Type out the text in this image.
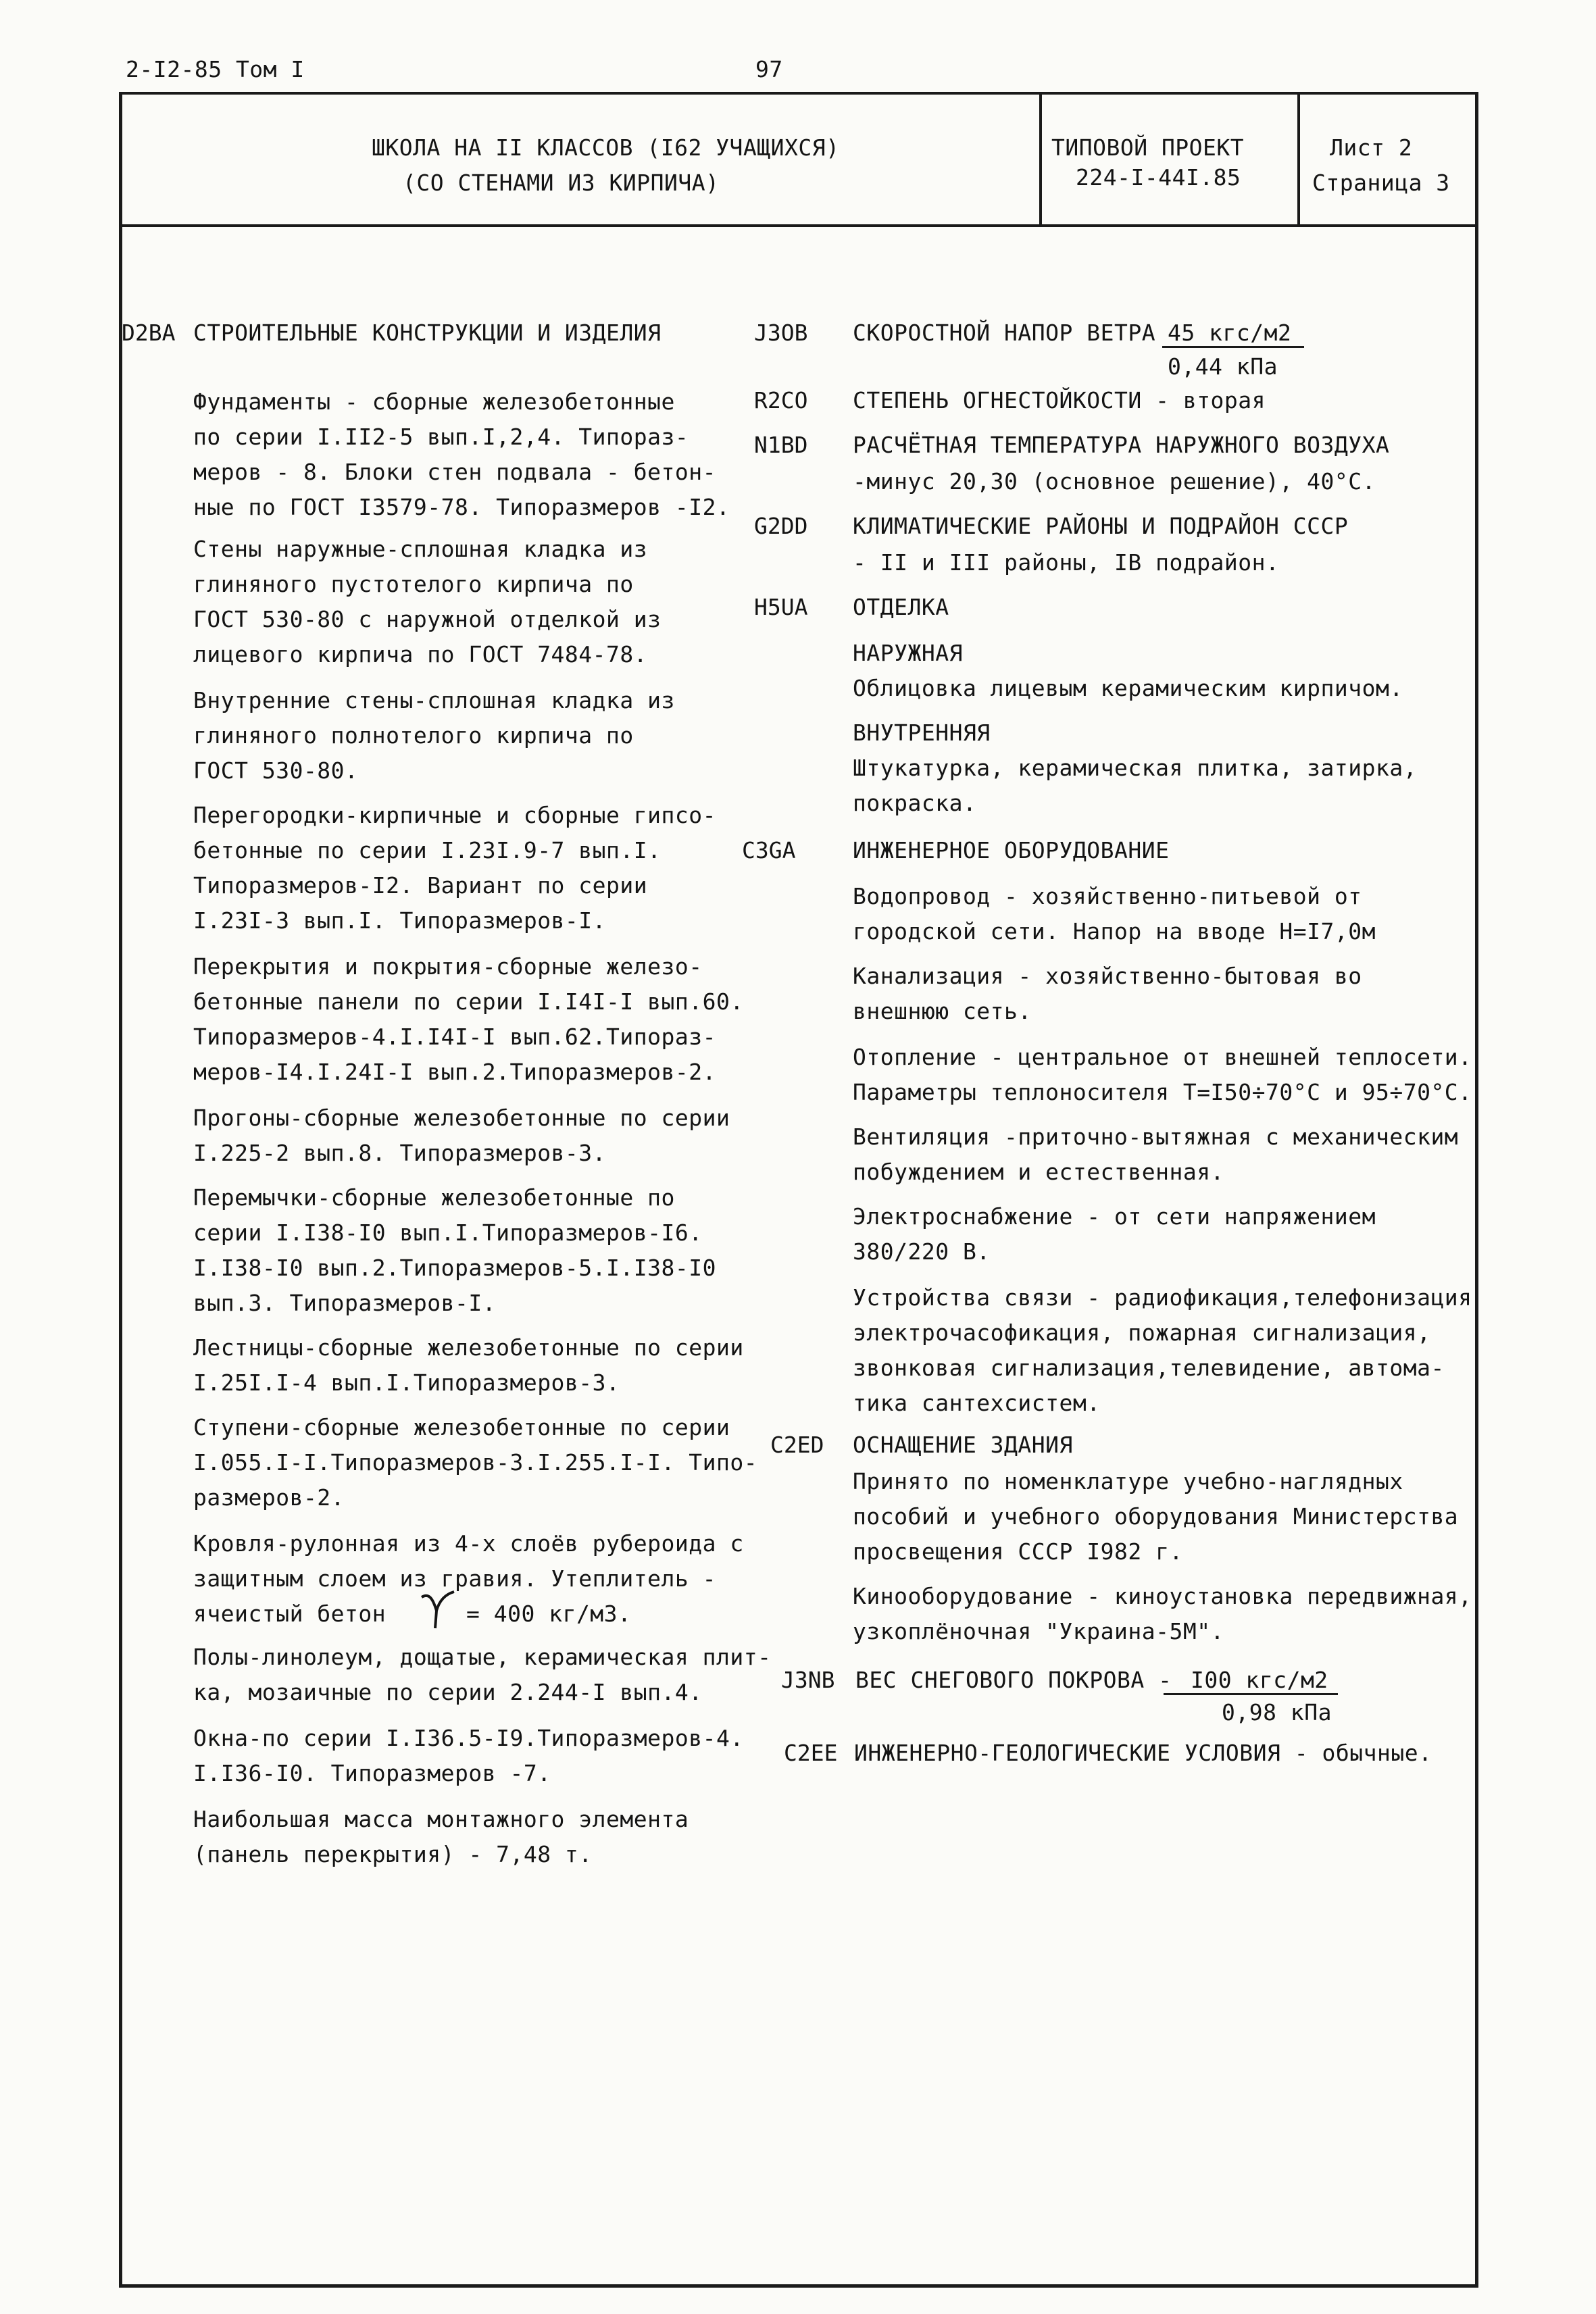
2-I2-85 Том I	97
ШКОЛА НА II КЛАССОВ (I62 УЧАЩИХСЯ)
(СО СТЕНАМИ ИЗ КИРПИЧА)
ТИПОВОЙ ПРОЕКТ
224-I-44I.85
Лист 2
Страница 3
D2BA СТРОИТЕЛЬНЫЕ КОНСТРУКЦИИ И ИЗДЕЛИЯ
Фундаменты - сборные железобетонные
по серии I.II2-5 вып.I,2,4. Типораз-
меров - 8. Блоки стен подвала - бетон-
ные по ГОСТ I3579-78. Типоразмеров -I2.
Стены наружные-сплошная кладка из
глиняного пустотелого кирпича по
ГОСТ 530-80 с наружной отделкой из
лицевого кирпича по ГОСТ 7484-78.
Внутренние стены-сплошная кладка из
глиняного полнотелого кирпича по
ГОСТ 530-80.
Перегородки-кирпичные и сборные гипсо-
бетонные по серии I.23I.9-7 вып.I.
Типоразмеров-I2. Вариант по серии
I.23I-3 вып.I. Типоразмеров-I.
Перекрытия и покрытия-сборные железо-
бетонные панели по серии I.I4I-I вып.60.
Типоразмеров-4.I.I4I-I вып.62.Типораз-
меров-I4.I.24I-I вып.2.Типоразмеров-2.
Прогоны-сборные железобетонные по серии
I.225-2 вып.8. Типоразмеров-3.
Перемычки-сборные железобетонные по
серии I.I38-I0 вып.I.Типоразмеров-I6.
I.I38-I0 вып.2.Типоразмеров-5.I.I38-I0
вып.3. Типоразмеров-I.
Лестницы-сборные железобетонные по серии
I.25I.I-4 вып.I.Типоразмеров-3.
Ступени-сборные железобетонные по серии
I.055.I-I.Типоразмеров-3.I.255.I-I. Типо-
размеров-2.
Кровля-рулонная из 4-х слоёв рубероида с
защитным слоем из гравия. Утеплитель -
ячеистый бетон	= 400 кг/м3.
Полы-линолеум, дощатые, керамическая плит-
ка, мозаичные по серии 2.244-I вып.4.
Окна-по серии I.I36.5-I9.Типоразмеров-4.
I.I36-I0. Типоразмеров -7.
Наибольшая масса монтажного элемента
(панель перекрытия) - 7,48 т.
J3OB
R2CO
N1BD
G2DD
H5UA
C3GA
C2ED
J3NB
C2EE
СКОРОСТНОЙ НАПОР ВЕТРА 45 кгс/м2
0,44 кПа
СТЕПЕНЬ ОГНЕСТОЙКОСТИ - вторая
РАСЧЁТНАЯ ТЕМПЕРАТУРА НАРУЖНОГО ВОЗДУХА
-минус 20,30 (основное решение), 40°С.
КЛИМАТИЧЕСКИЕ РАЙОНЫ И ПОДРАЙОН СССР
- II и III районы, IВ подрайон.
ОТДЕЛКА
НАРУЖНАЯ
Облицовка лицевым керамическим кирпичом.
ВНУТРЕННЯЯ
Штукатурка, керамическая плитка, затирка,
покраска.
ИНЖЕНЕРНОЕ ОБОРУДОВАНИЕ
Водопровод - хозяйственно-питьевой от
городской сети. Напор на вводе Н=I7,0м
Канализация - хозяйственно-бытовая во
внешнюю сеть.
Отопление - центральное от внешней теплосети.
Параметры теплоносителя Т=I50÷70°С и 95÷70°С.
Вентиляция -приточно-вытяжная с механическим
побуждением и естественная.
Электроснабжение - от сети напряжением
380/220 В.
Устройства связи - радиофикация,телефонизация
электрочасофикация, пожарная сигнализация,
звонковая сигнализация,телевидение, автома-
тика сантехсистем.
ОСНАЩЕНИЕ ЗДАНИЯ
Принято по номенклатуре учебно-наглядных
пособий и учебного оборудования Министерства
просвещения СССР I982 г.
Кинооборудование - киноустановка передвижная,
узкоплёночная "Украина-5М".
ВЕС СНЕГОВОГО ПОКРОВА - I00 кгс/м2
0,98 кПа
ИНЖЕНЕРНО-ГЕОЛОГИЧЕСКИЕ УСЛОВИЯ - обычные.
